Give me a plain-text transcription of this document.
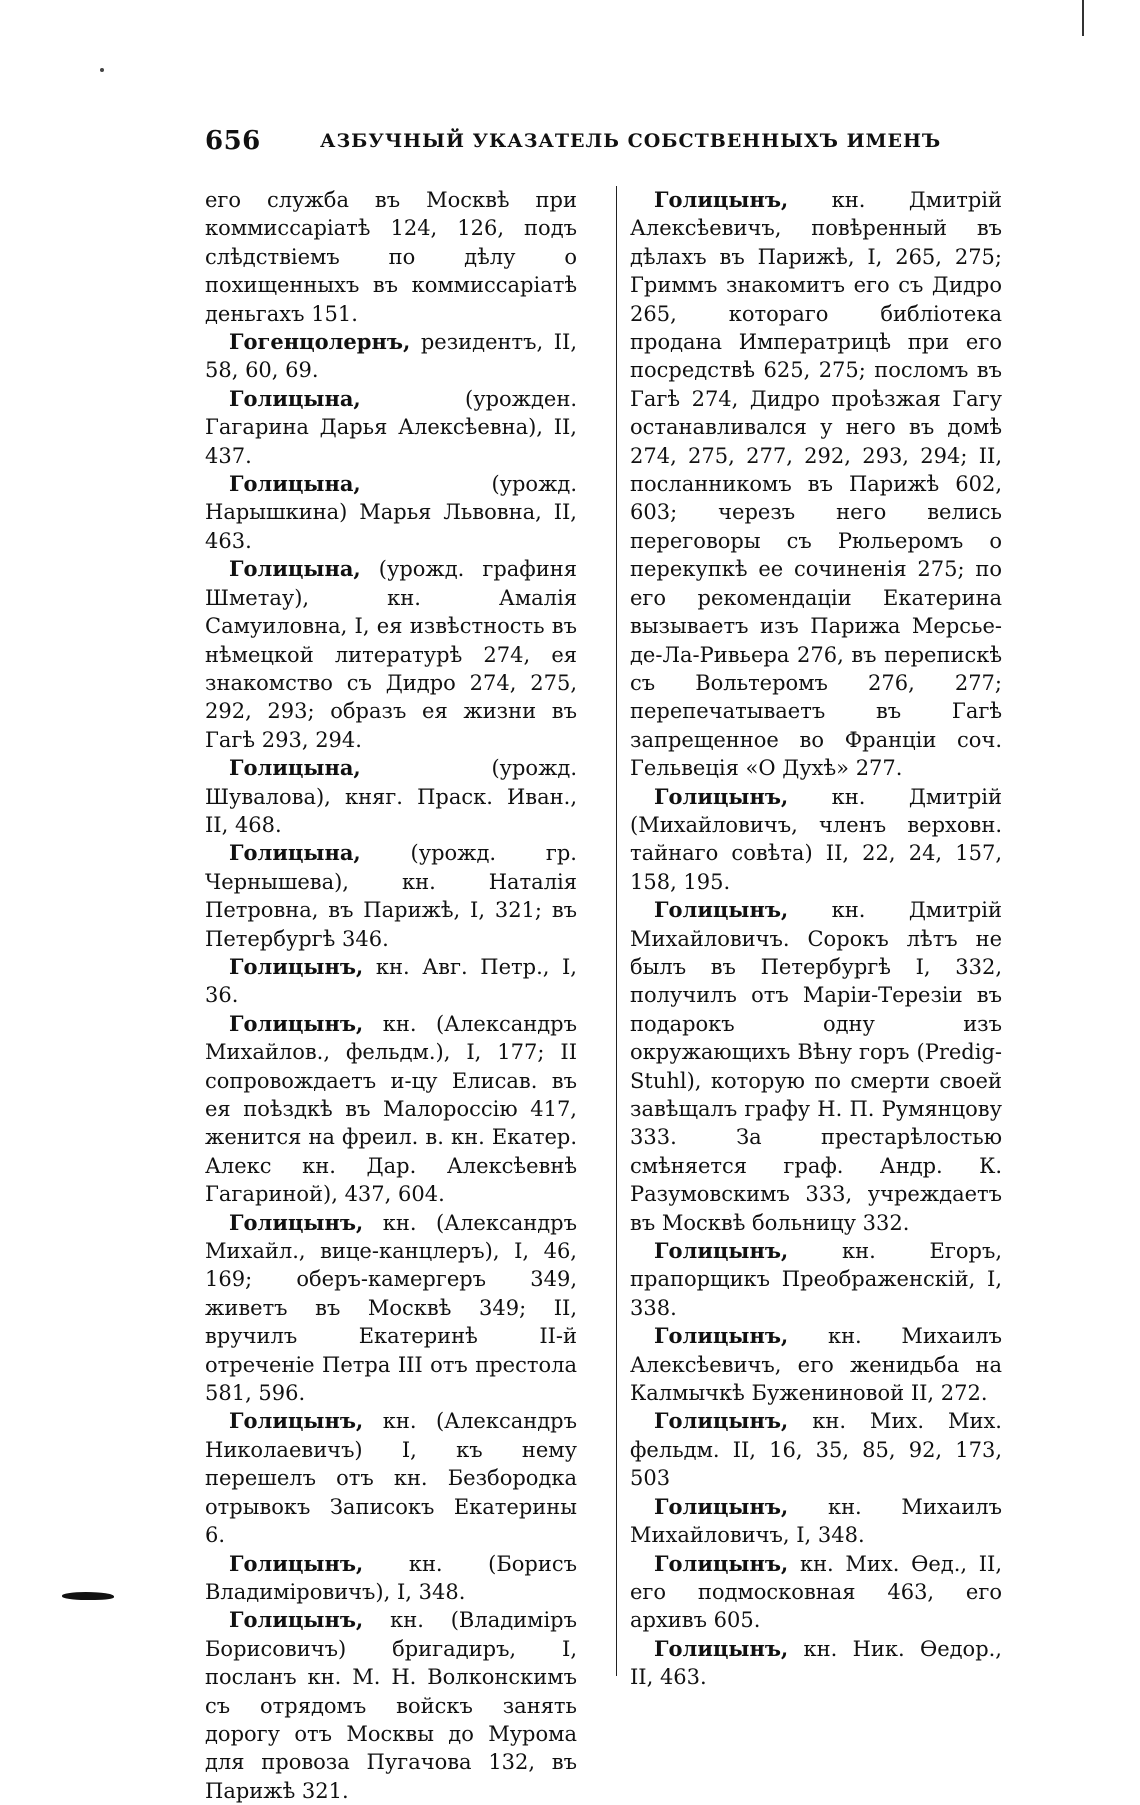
656	АЗБУЧНЫЙ УКАЗАТЕЛЬ СОБСТВЕННЫХЪ ИМЕНЪ

его служба въ Москвѣ при коммиссаріатѣ 124, 126, подъ слѣдствіемъ по дѣлу о похищенныхъ въ коммиссаріатѣ деньгахъ 151.

Гогенцолернъ, резидентъ, II, 58, 60, 69.

Голицына,	(урожден. Гагарина Дарья Алексѣевна), II, 437.

Голицына,	(урожд. Нарышкина) Марья Львовна, II, 463.

Голицына, (урожд. графиня Шметау), кн. Амалія Самуиловна, I, ея извѣстность въ нѣмецкой литературѣ 274, ея знакомство съ Дидро 274, 275, 292, 293; образъ ея жизни въ Гагѣ 293, 294.

Голицына,	(урожд. Шувалова), княг. Праск. Иван., II, 468.

Голицына, (урожд. гр. Чернышева), кн. Наталія Петровна, въ Парижѣ, I, 321; въ Петербургѣ 346.

Голицынъ, кн. Авг. Петр., I, 36.

Голицынъ, кн. (Александръ Михайлов., фельдм.), I, 177; II сопровождаетъ и-цу Елисав. въ ея поѣздкѣ въ Малороссію 417, женится на фреил. в. кн. Екатер. Алекс кн. Дар. Алексѣевнѣ Гагариной), 437, 604.

Голицынъ, кн. (Александръ Михайл., вице-канцлеръ), I, 46, 169; оберъ-камергеръ 349, живетъ въ Москвѣ 349; II, вручилъ Екатеринѣ II-й отреченіе Петра III отъ престола 581, 596.

Голицынъ, кн. (Александръ Николаевичъ) I, къ нему перешелъ отъ кн. Безбородка отрывокъ Записокъ Екатерины 6.

Голицынъ, кн. (Борисъ Владиміровичъ), I, 348.

Голицынъ, кн. (Владиміръ Борисовичъ) бригадиръ, I, посланъ кн. М. Н. Волконскимъ съ отрядомъ войскъ занять дорогу отъ Москвы до Мурома для провоза Пугачова 132, въ Парижѣ 321.

Голицынъ, кн. Дмитрій Алексѣевичъ, повѣренный въ дѣлахъ въ Парижѣ, I, 265, 275; Гриммъ знакомитъ его съ Дидро 265, котораго библіотека продана Императрицѣ при его посредствѣ 625, 275; посломъ въ Гагѣ 274, Дидро проѣзжая Гагу останавливался у него въ домѣ 274, 275, 277, 292, 293, 294; II, посланникомъ въ Парижѣ 602, 603; черезъ него велись переговоры съ Рюльеромъ о перекупкѣ ее сочиненія 275; по его рекомендаціи Екатерина вызываетъ изъ Парижа Мерсье-де-Ла-Ривьера 276, въ перепискѣ съ Вольтеромъ 276, 277; перепечатываетъ въ Гагѣ запрещенное во Франціи соч. Гельвеція «О Духѣ» 277.

Голицынъ, кн. Дмитрій (Михайловичъ, членъ верховн. тайнаго совѣта) II, 22, 24, 157, 158, 195.

Голицынъ, кн. Дмитрій Михайловичъ. Сорокъ лѣтъ не былъ въ Петербургѣ I, 332, получилъ отъ Маріи-Терезіи въ подарокъ одну изъ окружающихъ Вѣну горъ (Predig-Stuhl), которую по смерти своей завѣщалъ графу Н. П. Румянцову 333. За престарѣлостью смѣняется граф. Андр. К. Разумовскимъ 333, учреждаетъ въ Москвѣ больницу 332.

Голицынъ,	кн. Егоръ, прапорщикъ Преображенскій, I, 338.

Голицынъ, кн. Михаилъ Алексѣевичъ, его женидьба на Калмычкѣ Бужениновой II, 272.

Голицынъ, кн. Мих. Мих. фельдм. II, 16, 35, 85, 92, 173, 503

Голицынъ, кн. Михаилъ Михайловичъ, I, 348.

Голицынъ, кн. Мих. Ѳед., II, его подмосковная 463, его архивъ 605.

Голицынъ, кн. Ник. Ѳедор., II, 463.
